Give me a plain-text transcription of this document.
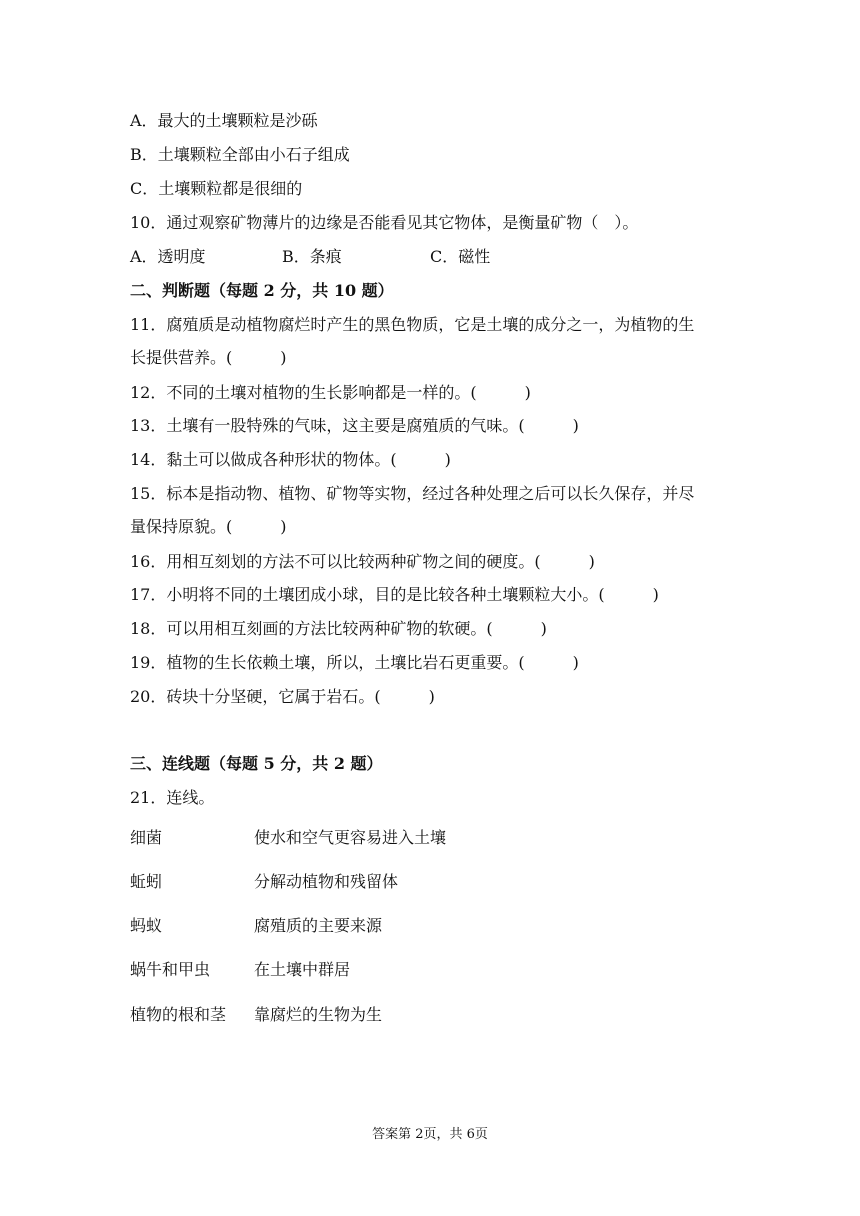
A．最大的土壤颗粒是沙砾
B．土壤颗粒全部由小石子组成
C．土壤颗粒都是很细的
10．通过观察矿物薄片的边缘是否能看见其它物体，是衡量矿物（　）。
A．透明度	B．条痕	C．磁性
二、判断题（每题 2 分，共 10 题）
11．腐殖质是动植物腐烂时产生的黑色物质，它是土壤的成分之一，为植物的生
长提供营养。(　　　)
12．不同的土壤对植物的生长影响都是一样的。(　　　)
13．土壤有一股特殊的气味，这主要是腐殖质的气味。(　　　)
14．黏土可以做成各种形状的物体。(　　　)
15．标本是指动物、植物、矿物等实物，经过各种处理之后可以长久保存，并尽
量保持原貌。(　　　)
16．用相互刻划的方法不可以比较两种矿物之间的硬度。(　　　)
17．小明将不同的土壤团成小球，目的是比较各种土壤颗粒大小。(　　　)
18．可以用相互刻画的方法比较两种矿物的软硬。(　　　)
19．植物的生长依赖土壤，所以，土壤比岩石更重要。(　　　)
20．砖块十分坚硬，它属于岩石。(　　　)
三、连线题（每题 5 分，共 2 题）
21．连线。
细菌	使水和空气更容易进入土壤
蚯蚓	分解动植物和残留体
蚂蚁	腐殖质的主要来源
蜗牛和甲虫	在土壤中群居
植物的根和茎 靠腐烂的生物为生
答案第 2页，共 6页
